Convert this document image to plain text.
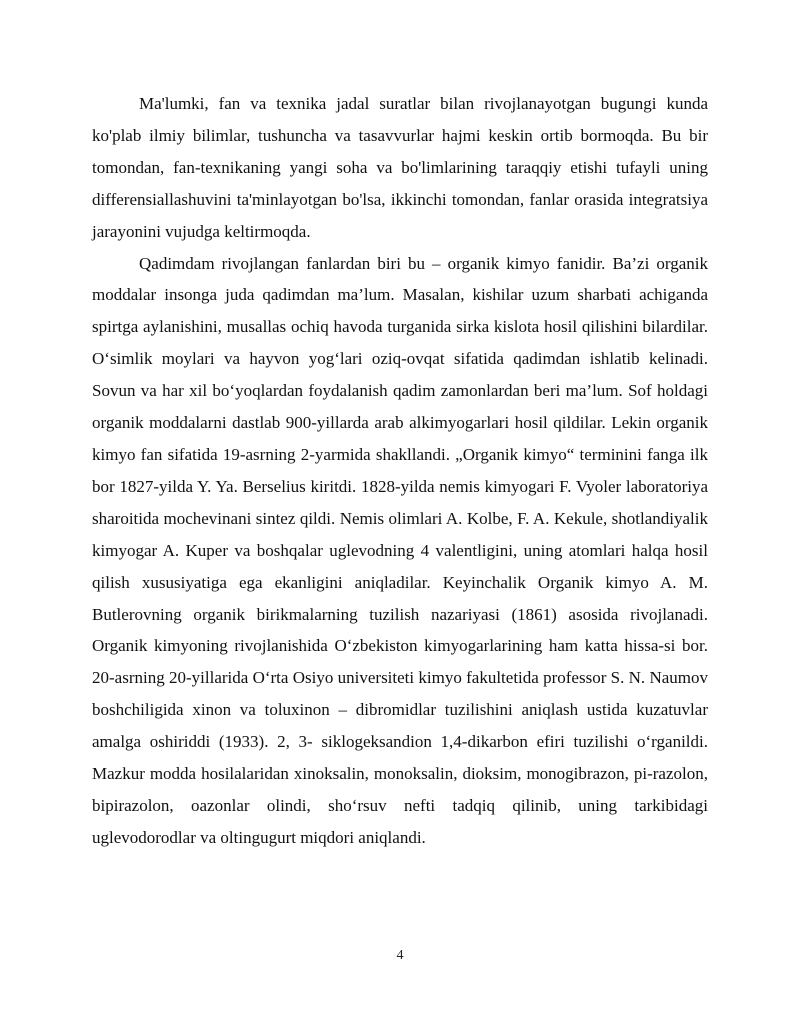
Ma'lumki, fan va texnika jadal suratlar bilan rivojlanayotgan bugungi kunda ko'plab ilmiy bilimlar, tushuncha va tasavvurlar hajmi keskin ortib bormoqda. Bu bir tomondan, fan-texnikaning yangi soha va bo'limlarining taraqqiy etishi tufayli uning differensiallashuvini ta'minlayotgan bo'lsa, ikkinchi tomondan, fanlar orasida integratsiya jarayonini vujudga keltirmoqda.

Qadimdam rivojlangan fanlardan biri bu – organik kimyo fanidir. Ba’zi organik moddalar insonga juda qadimdan ma’lum. Masalan, kishilar uzum sharbati achiganda spirtga aylanishini, musallas ochiq havoda turganida sirka kislota hosil qilishini bilardilar. O‘simlik moylari va hayvon yog‘lari oziq-ovqat sifatida qadimdan ishlatib kelinadi. Sovun va har xil bo‘yoqlardan foydalanish qadim zamonlardan beri ma’lum. Sof holdagi organik moddalarni dastlab 900-yillarda arab alkimyogarlari hosil qildilar. Lekin organik kimyo fan sifatida 19-asrning 2-yarmida shakllandi. „Organik kimyo“ terminini fanga ilk bor 1827-yilda Y. Ya. Berselius kiritdi. 1828-yilda nemis kimyogari F. Vyoler laboratoriya sharoitida mochevinani sintez qildi. Nemis olimlari A. Kolbe, F. A. Kekule, shotlandiyalik kimyogar A. Kuper va boshqalar uglevodning 4 valentligini, uning atomlari halqa hosil qilish xususiyatiga ega ekanligini aniqladilar. Keyinchalik Organik kimyo A. M. Butlerovning organik birikmalarning tuzilish nazariyasi (1861) asosida rivojlanadi. Organik kimyoning rivojlanishida O‘zbekiston kimyogarlarining ham katta hissa-si bor. 20-asrning 20-yillarida O‘rta Osiyo universiteti kimyo fakultetida professor S. N. Naumov boshchiligida xinon va toluxinon – dibromidlar tuzilishini aniqlash ustida kuzatuvlar amalga oshiriddi (1933). 2, 3- siklogeksandion 1,4-dikarbon efiri tuzilishi o‘rganildi. Mazkur modda hosilalaridan xinoksalin, monoksalin, dioksim, monogibrazon, pi-razolon, bipirazolon, oazonlar olindi, sho‘rsuv nefti tadqiq qilinib, uning tarkibidagi uglevodorodlar va oltingugurt miqdori aniqlandi.

4
